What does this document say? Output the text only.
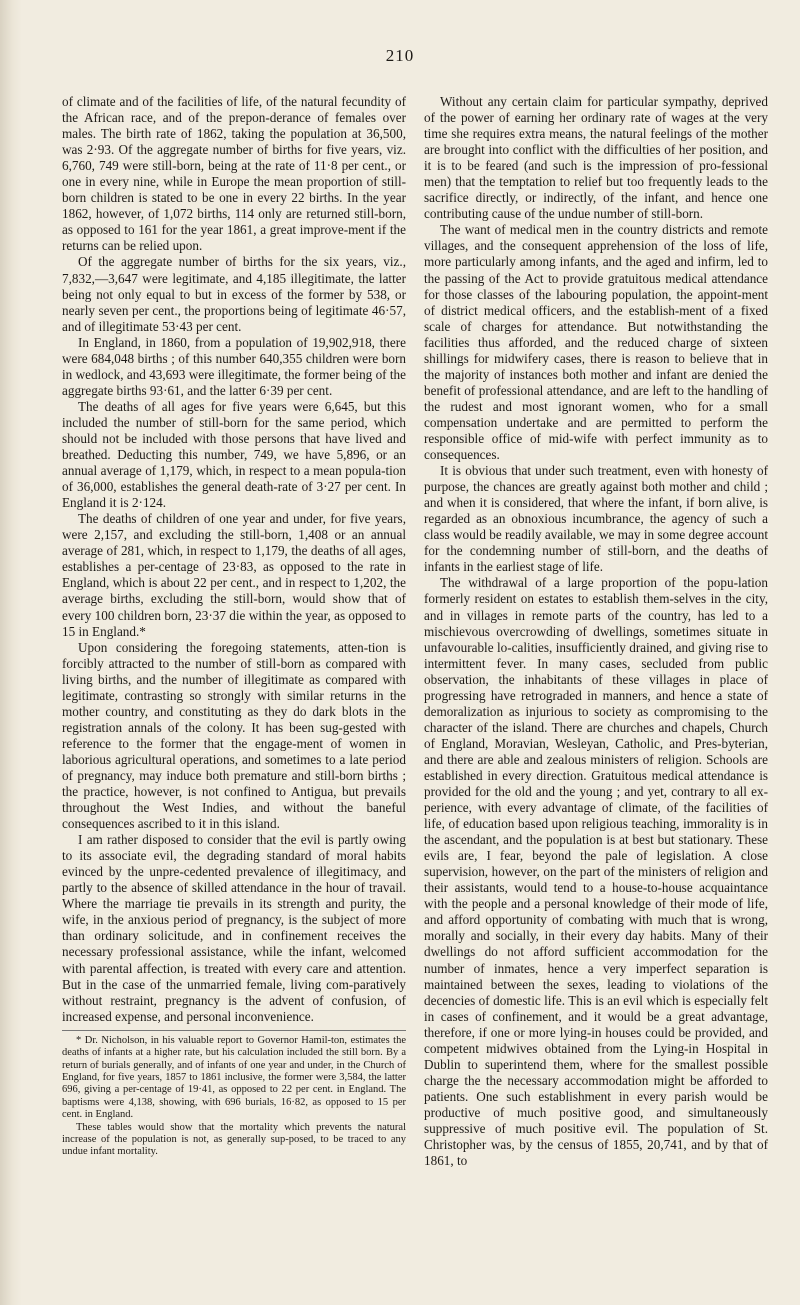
210

of climate and of the facilities of life, of the natural fecundity of the African race, and of the prepon-derance of females over males. The birth rate of 1862, taking the population at 36,500, was 2·93. Of the aggregate number of births for five years, viz. 6,760, 749 were still-born, being at the rate of 11·8 per cent., or one in every nine, while in Europe the mean proportion of still-born children is stated to be one in every 22 births. In the year 1862, however, of 1,072 births, 114 only are returned still-born, as opposed to 161 for the year 1861, a great improve-ment if the returns can be relied upon.

Of the aggregate number of births for the six years, viz., 7,832,—3,647 were legitimate, and 4,185 illegitimate, the latter being not only equal to but in excess of the former by 538, or nearly seven per cent., the proportions being of legitimate 46·57, and of illegitimate 53·43 per cent.

In England, in 1860, from a population of 19,902,918, there were 684,048 births ; of this number 640,355 children were born in wedlock, and 43,693 were illegitimate, the former being of the aggregate births 93·61, and the latter 6·39 per cent.

The deaths of all ages for five years were 6,645, but this included the number of still-born for the same period, which should not be included with those persons that have lived and breathed. Deducting this number, 749, we have 5,896, or an annual average of 1,179, which, in respect to a mean popula-tion of 36,000, establishes the general death-rate of 3·27 per cent. In England it is 2·124.

The deaths of children of one year and under, for five years, were 2,157, and excluding the still-born, 1,408 or an annual average of 281, which, in respect to 1,179, the deaths of all ages, establishes a per-centage of 23·83, as opposed to the rate in England, which is about 22 per cent., and in respect to 1,202, the average births, excluding the still-born, would show that of every 100 children born, 23·37 die within the year, as opposed to 15 in England.*

Upon considering the foregoing statements, atten-tion is forcibly attracted to the number of still-born as compared with living births, and the number of illegitimate as compared with legitimate, contrasting so strongly with similar returns in the mother country, and constituting as they do dark blots in the registration annals of the colony. It has been sug-gested with reference to the former that the engage-ment of women in laborious agricultural operations, and sometimes to a late period of pregnancy, may induce both premature and still-born births ; the practice, however, is not confined to Antigua, but prevails throughout the West Indies, and without the baneful consequences ascribed to it in this island.

I am rather disposed to consider that the evil is partly owing to its associate evil, the degrading standard of moral habits evinced by the unpre-cedented prevalence of illegitimacy, and partly to the absence of skilled attendance in the hour of travail. Where the marriage tie prevails in its strength and purity, the wife, in the anxious period of pregnancy, is the subject of more than ordinary solicitude, and in confinement receives the necessary professional assistance, while the infant, welcomed with parental affection, is treated with every care and attention. But in the case of the unmarried female, living com-paratively without restraint, pregnancy is the advent of confusion, of increased expense, and personal inconvenience.

* Dr. Nicholson, in his valuable report to Governor Hamil-ton, estimates the deaths of infants at a higher rate, but his calculation included the still born. By a return of burials generally, and of infants of one year and under, in the Church of England, for five years, 1857 to 1861 inclusive, the former were 3,584, the latter 696, giving a per-centage of 19·41, as opposed to 22 per cent. in England. The baptisms were 4,138, showing, with 696 burials, 16·82, as opposed to 15 per cent. in England.

These tables would show that the mortality which prevents the natural increase of the population is not, as generally sup-posed, to be traced to any undue infant mortality.

Without any certain claim for particular sympathy, deprived of the power of earning her ordinary rate of wages at the very time she requires extra means, the natural feelings of the mother are brought into conflict with the difficulties of her position, and it is to be feared (and such is the impression of pro-fessional men) that the temptation to relief but too frequently leads to the sacrifice directly, or indirectly, of the infant, and hence one contributing cause of the undue number of still-born.

The want of medical men in the country districts and remote villages, and the consequent apprehension of the loss of life, more particularly among infants, and the aged and infirm, led to the passing of the Act to provide gratuitous medical attendance for those classes of the labouring population, the appoint-ment of district medical officers, and the establish-ment of a fixed scale of charges for attendance. But notwithstanding the facilities thus afforded, and the reduced charge of sixteen shillings for midwifery cases, there is reason to believe that in the majority of instances both mother and infant are denied the benefit of professional attendance, and are left to the handling of the rudest and most ignorant women, who for a small compensation undertake and are permitted to perform the responsible office of mid-wife with perfect immunity as to consequences.

It is obvious that under such treatment, even with honesty of purpose, the chances are greatly against both mother and child ; and when it is considered, that where the infant, if born alive, is regarded as an obnoxious incumbrance, the agency of such a class would be readily available, we may in some degree account for the condemning number of still-born, and the deaths of infants in the earliest stage of life.

The withdrawal of a large proportion of the popu-lation formerly resident on estates to establish them-selves in the city, and in villages in remote parts of the country, has led to a mischievous overcrowding of dwellings, sometimes situate in unfavourable lo-calities, insufficiently drained, and giving rise to intermittent fever. In many cases, secluded from public observation, the inhabitants of these villages in place of progressing have retrograded in manners, and hence a state of demoralization as injurious to society as compromising to the character of the island. There are churches and chapels, Church of England, Moravian, Wesleyan, Catholic, and Pres-byterian, and there are able and zealous ministers of religion. Schools are established in every direction. Gratuitous medical attendance is provided for the old and the young ; and yet, contrary to all ex-perience, with every advantage of climate, of the facilities of life, of education based upon religious teaching, immorality is in the ascendant, and the population is at best but stationary. These evils are, I fear, beyond the pale of legislation. A close supervision, however, on the part of the ministers of religion and their assistants, would tend to a house-to-house acquaintance with the people and a personal knowledge of their mode of life, and afford opportunity of combating with much that is wrong, morally and socially, in their every day habits. Many of their dwellings do not afford sufficient accommodation for the number of inmates, hence a very imperfect separation is maintained between the sexes, leading to violations of the decencies of domestic life. This is an evil which is especially felt in cases of confinement, and it would be a great advantage, therefore, if one or more lying-in houses could be provided, and competent midwives obtained from the Lying-in Hospital in Dublin to superintend them, where for the smallest possible charge the the necessary accommodation might be afforded to patients. One such establishment in every parish would be productive of much positive good, and simultaneously suppressive of much positive evil. The population of St. Christopher was, by the census of 1855, 20,741, and by that of 1861, to
